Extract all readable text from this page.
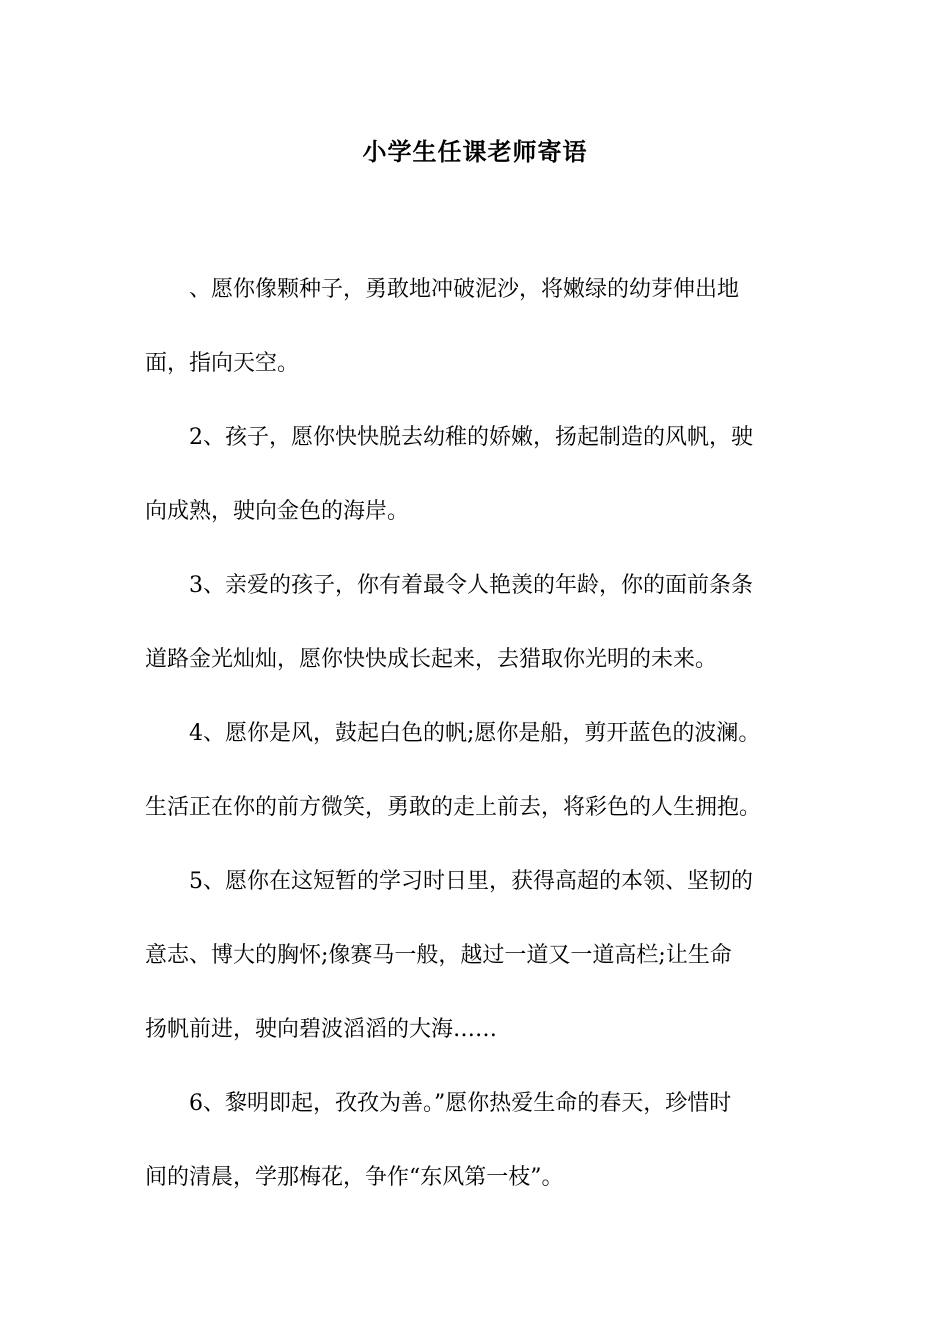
小学生任课老师寄语

、愿你像颗种子，勇敢地冲破泥沙，将嫩绿的幼芽伸出地
面，指向天空。

2、孩子，愿你快快脱去幼稚的娇嫩，扬起制造的风帆，驶
向成熟，驶向金色的海岸。

3、亲爱的孩子，你有着最令人艳羡的年龄，你的面前条条
道路金光灿灿，愿你快快成长起来，去猎取你光明的未来。

4、愿你是风，鼓起白色的帆;愿你是船，剪开蓝色的波澜。
生活正在你的前方微笑，勇敢的走上前去，将彩色的人生拥抱。

5、愿你在这短暂的学习时日里，获得高超的本领、坚韧的
意志、博大的胸怀;像赛马一般，越过一道又一道高栏;让生命
扬帆前进，驶向碧波滔滔的大海……

6、黎明即起，孜孜为善。”愿你热爱生命的春天，珍惜时
间的清晨，学那梅花，争作“东风第一枝”。
